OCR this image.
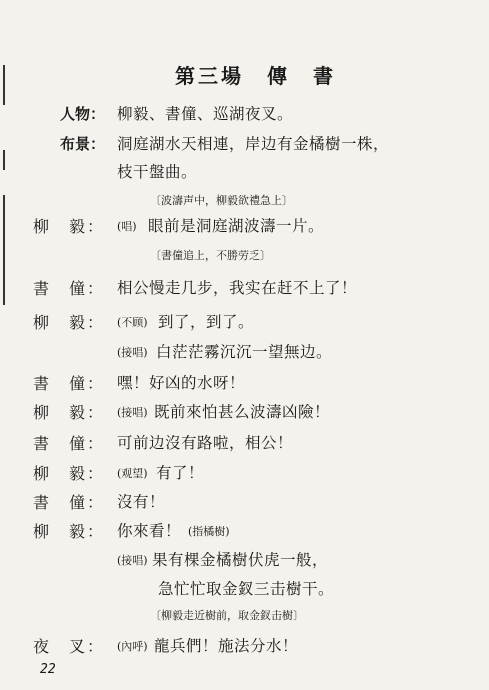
第三場　傳　書
人物： 柳毅、書僮、巡湖夜叉。
布景： 洞庭湖水天相連，岸边有金橘樹一株，
枝干盤曲。
〔波濤声中，柳毅欲禮急上〕
柳　毅： (唱) 眼前是洞庭湖波濤一片。
〔書僮追上，不勝劳乏〕
書　僮： 相公慢走几步，我实在赶不上了！
柳　毅： (不顾) 到了，到了。
(接唱) 白茫茫霧沉沉一望無边。
書　僮： 嘿！好凶的水呀！
柳　毅： (接唱) 既前來怕甚么波濤凶險！
書　僮： 可前边沒有路啦，相公！
柳　毅： (观望) 有了！
書　僮： 沒有！
柳　毅： 你來看！ (指橘樹)
(接唱) 果有棵金橘樹伏虎一般，
急忙忙取金釵三击樹干。
〔柳毅走近樹前，取金釵击樹〕
夜　叉： (內呼) 龍兵們！施法分水！
22
